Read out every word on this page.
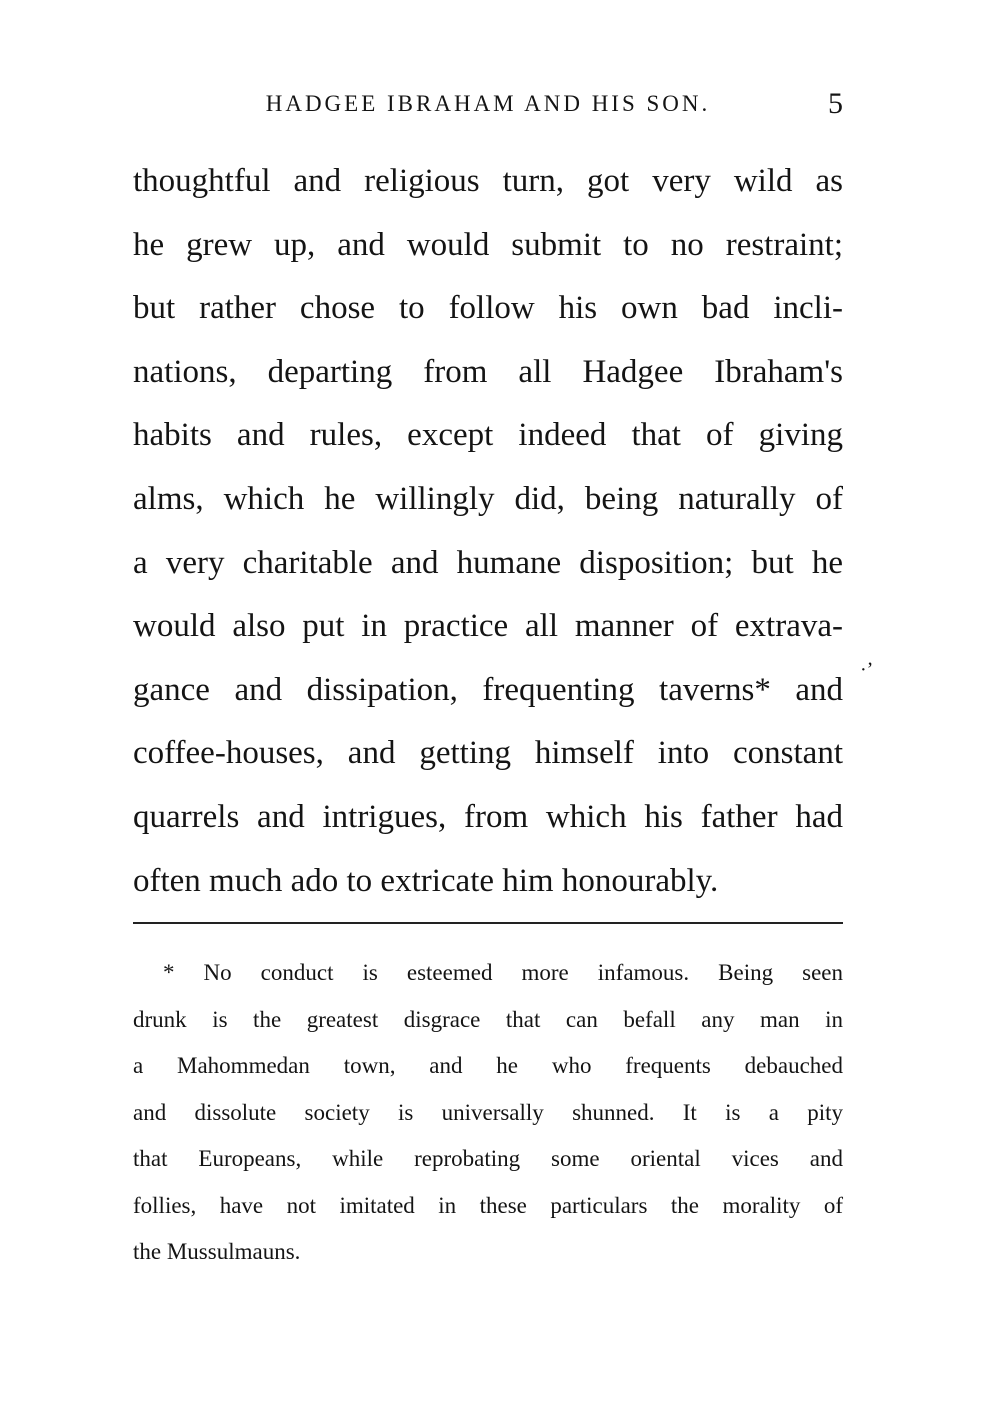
HADGEE IBRAHAM AND HIS SON.	5
thoughtful and religious turn, got very wild as
he grew up, and would submit to no restraint;
but rather chose to follow his own bad incli-
nations, departing from all Hadgee Ibraham's
habits and rules, except indeed that of giving
alms, which he willingly did, being naturally of
a very charitable and humane disposition; but he
would also put in practice all manner of extrava-
gance and dissipation, frequenting taverns* and
coffee-houses, and getting himself into constant
quarrels and intrigues, from which his father had
often much ado to extricate him honourably.
·ʼ
* No conduct is esteemed more infamous. Being seen
drunk is the greatest disgrace that can befall any man in
a Mahommedan town, and he who frequents debauched
and dissolute society is universally shunned. It is a pity
that Europeans, while reprobating some oriental vices and
follies, have not imitated in these particulars the morality of
the Mussulmauns.
